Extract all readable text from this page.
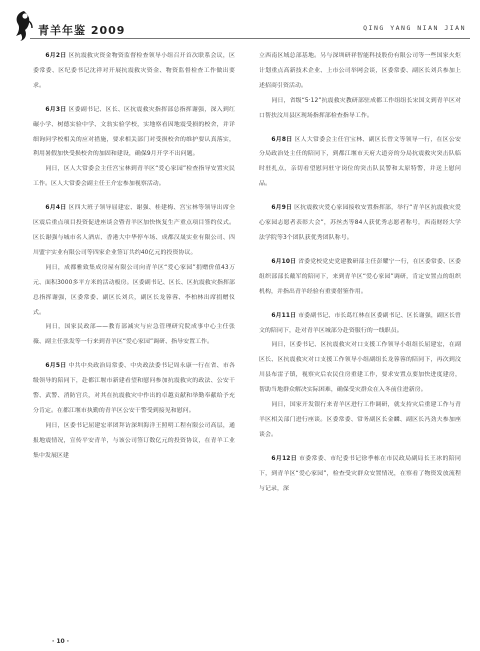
青羊年鉴 2009	QING YANG NIAN JIAN

6月2日 区抗震救灾资金物资监督检查领导小组召开首次联系会议，区委常委、区纪委书记沈祥对开展抗震救灾资金、物资监督检查工作做出要求。

6月3日 区委副书记、区长、区抗震救灾指挥部总指挥谢强，深入到红碾小学、树德实验中学、文翁实验学校，实地察看因地震受损的校舍，并详细询问学校相关的应对措施，要求相关部门对受损校舍的维护要认真落实，利用暑假加快受损校舍的加固和建设，确保9月开学不出问题。

同日，区人大常委会主任宫宝林到青羊区“爱心家园”检查指导安置灾民工作。区人大常委会副主任王介宏参加视察活动。

6月4日 区四大班子领导屈建宏、谢强、桂建梅、宫宝林等领导出席全区震后重点项目投资促进座谈会暨青羊区加快恢复生产重点项目签约仪式。区长谢强与城市名人酒店、香港大中华停车场、成都汉晟实业有限公司、四川盟宇实业有限公司等四家企业签订共约40亿元的投资协议。

同日，成都雅致集成房屋有限公司向青羊区“爱心家园”捐赠价值43万元、面积3000多平方米的活动板房。区委副书记、区长、区抗震救灾指挥部总指挥谢强，区委常委、副区长刘兵，副区长龙蓉蓉、李柏林出席捐赠仪式。

同日，国家民政部——教育部减灾与应急管理研究院成事中心主任张薇、副主任张发等一行来到青羊区“爱心家园”调研、指导安置工作。

6月5日 中共中央政治局常委、中央政法委书记周永康一行在省、市各级领导的陪同下，赴都江堰市新建看望和慰问参加抗震救灾的政法、公安干警、武警、消防官兵，对其在抗震救灾中作出的卓越贡献和举勤奉献给予充分肯定。在都江堰市执勤的青羊区公安干警受到接见和慰问。

同日，区委书记屈建宏率团拜访深圳海洋王照明工程有限公司高层，通报地震情况，宣传平安青羊，与该公司签订数亿元的投资协议，在青羊工业集中发展区建

立西南区域总部基地。另与深圳研祥智能科技股份有限公司等一些国家火炬计划重点高新技术企业、上市公司举网会谈，区委常委、副区长刘兵参加上述招商引资活动。

同日，省级“5·12”抗震救灾教研部驻成都工作组组长宋国文到青羊区对口帮扶汶川县区现场指挥部检查指导工作。

6月8日 区人大常委会主任宫宝林、副区长曾文等领导一行，在区公安分局政治处主任的陪同下，到都江堰市天府大道旁的分局抗震救灾突击队临时驻扎点，亲切看望慰问驻守岗位的突击队民警和太原特警，并送上慰问品。

6月9日 区抗震救灾爱心家园接收安置指挥部，举行“青羊区抗震救灾爱心家园志愿者表彰大会”，苏丝杰等84人获优秀志愿者称号，西南财经大学法学院等3个团队获优秀团队称号。

6月10日 省委党校党史党建教研部主任彭耀宁一行，在区委常委、区委组织部部长戴军的陪同下，来到青羊区“爱心家园”调研，肯定安置点的组织机构，并指出青羊经验有重要借鉴作用。

6月11日 市委副书记、市长葛红林在区委副书记、区长谢强，副区长曾文的陪同下，赴对青羊区城部分赴资服行的一线职员。

同日，区委书记、区抗震救灾对口支援工作领导小组组长屈建宏，在副区长、区抗震救灾对口支援工作领导小组副组长龙蓉蓉的陪同下，再次到汶川县布雷子镇，视察灾后农民住房重建工作，要求安置点要加快进度建房，帮助当地群众解决实际困难，确保受灾群众在入冬前住进新房。

同日，国家开发银行来青羊区进行工作调研，就支持灾后重建工作与青羊区相关部门进行座谈。区委常委、常务副区长金麟、副区长冯劲夫参加座谈会。

6月12日 市委常委、市纪委书记徐季栋在市民政局副局长王冰的陪同下，到青羊区“爱心家园”，检查受灾群众安置情况，在察看了物资发放流程与记录，深

· 10 ·
